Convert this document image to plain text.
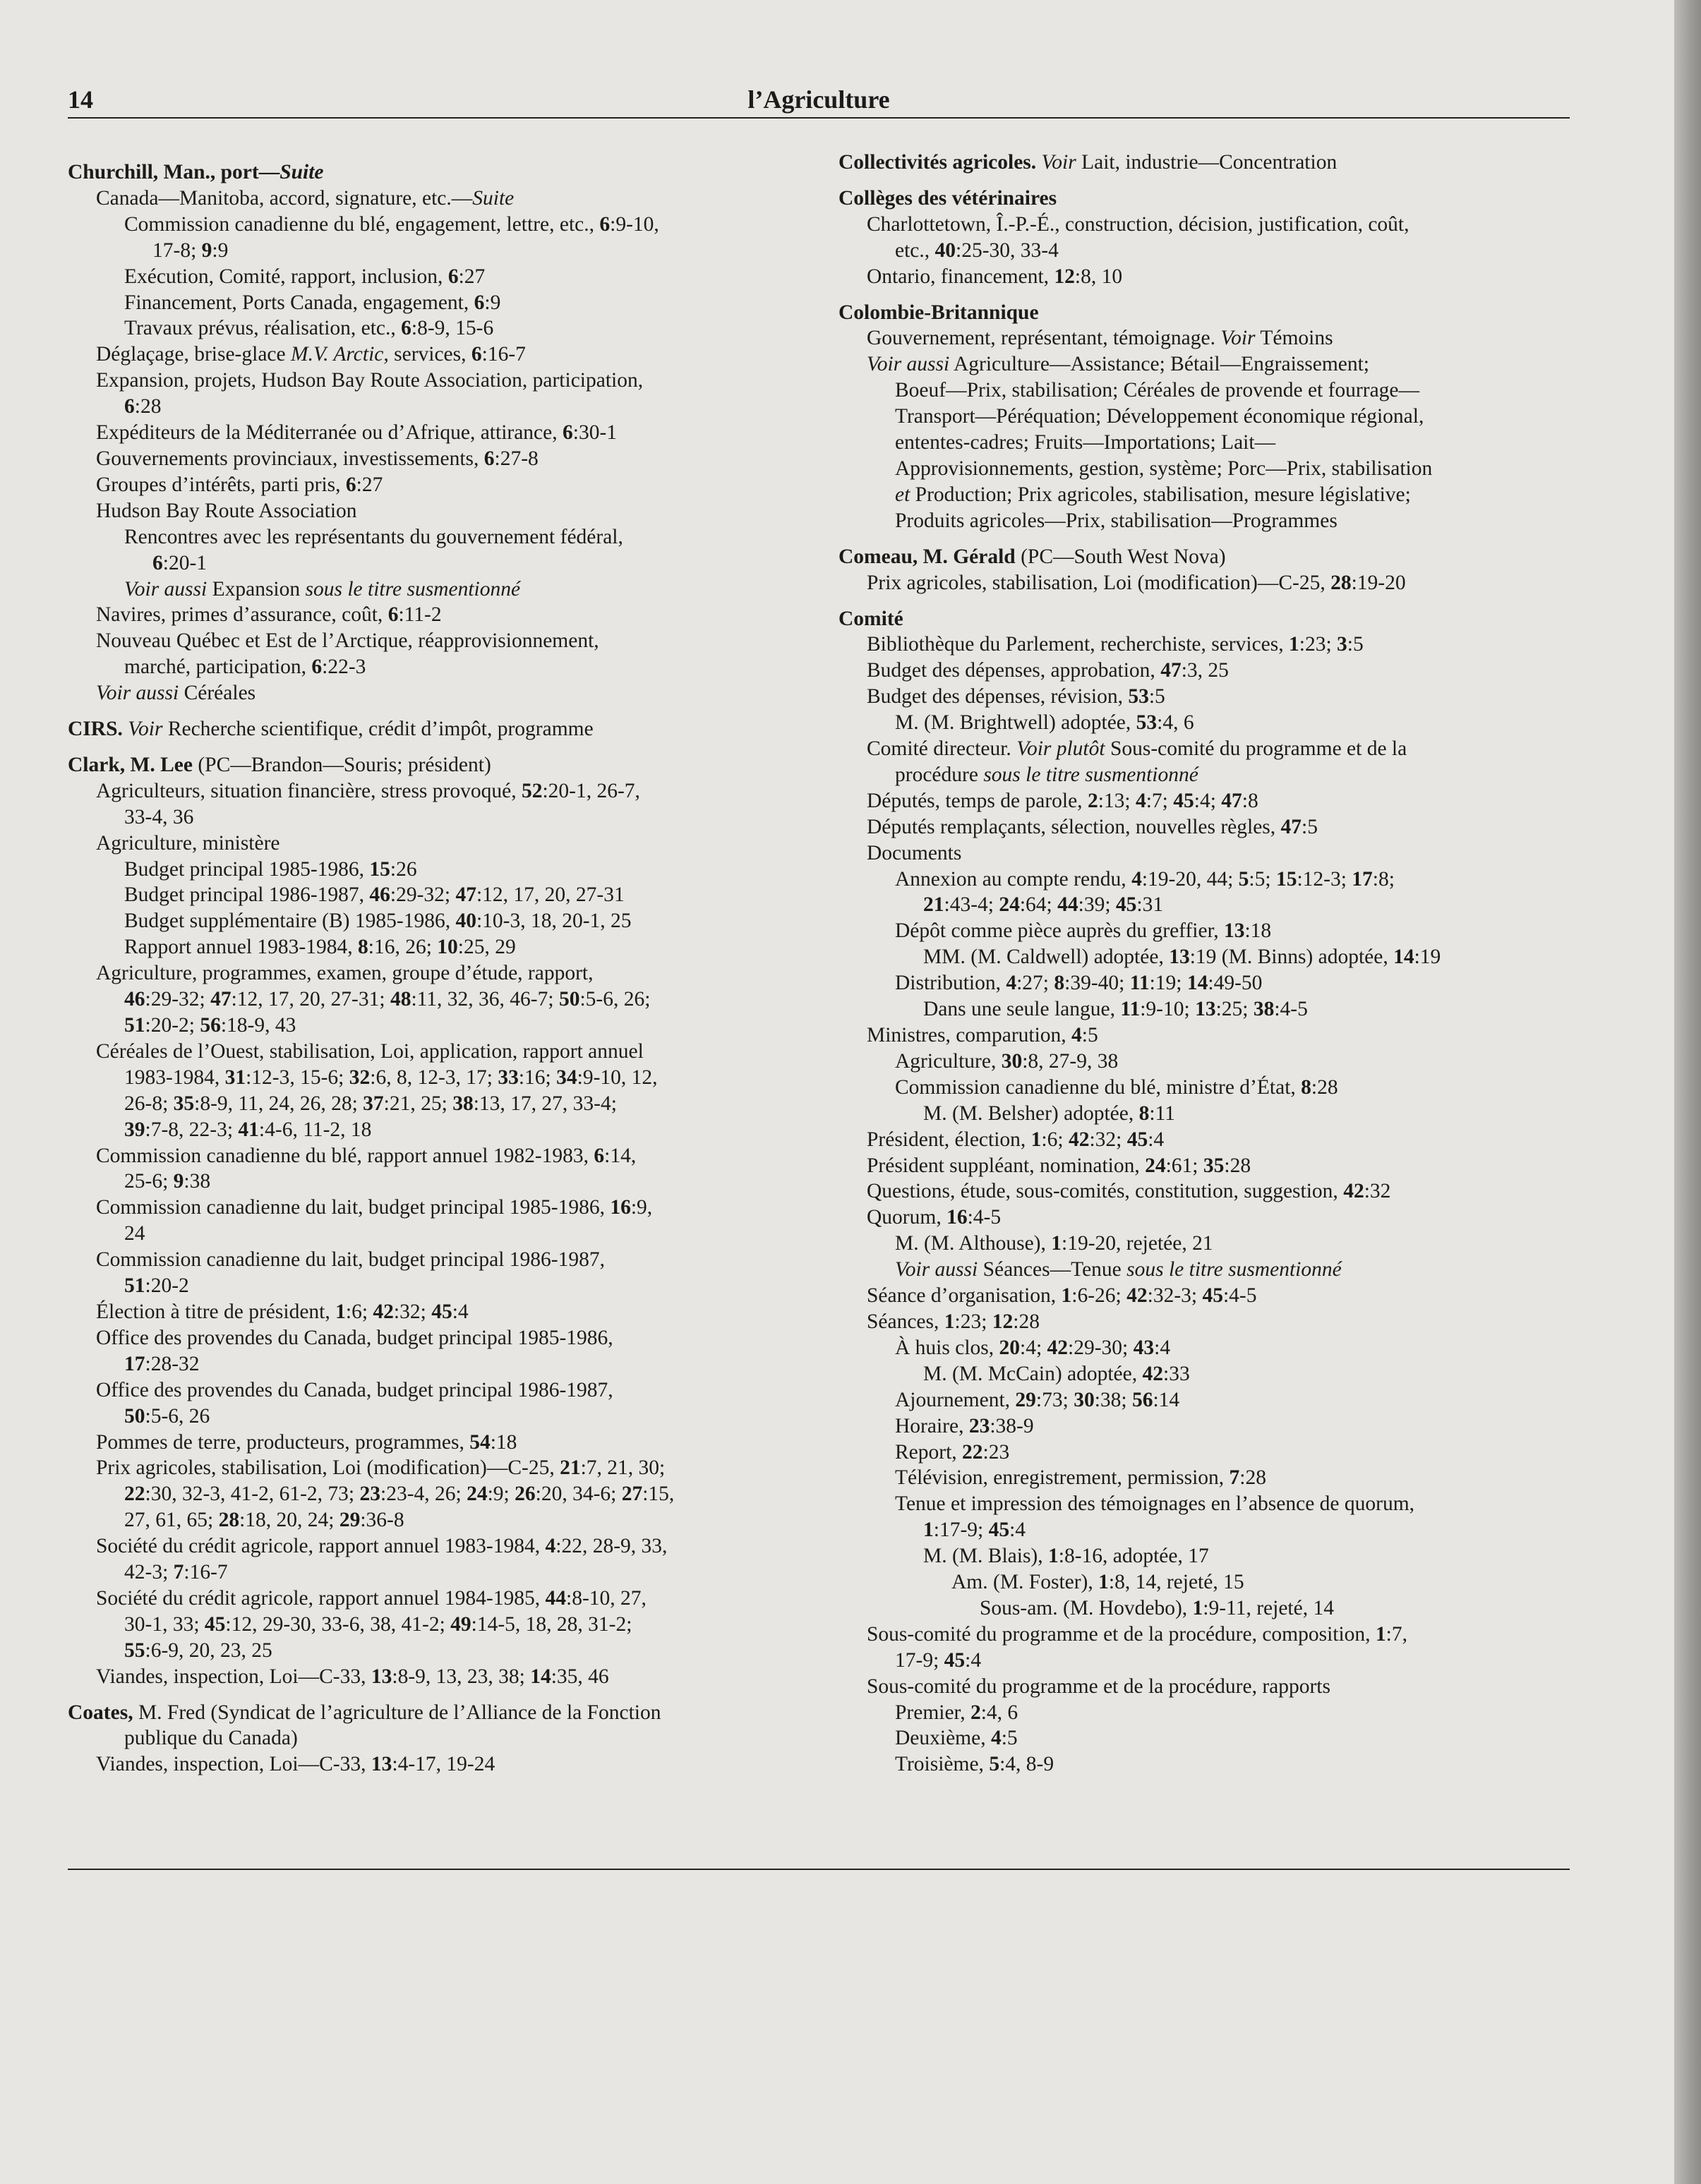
14	l’Agriculture
Churchill, Man., port—Suite
Canada—Manitoba, accord, signature, etc.—Suite
Commission canadienne du blé, engagement, lettre, etc., 6:9-10,
17-8; 9:9
Exécution, Comité, rapport, inclusion, 6:27
Financement, Ports Canada, engagement, 6:9
Travaux prévus, réalisation, etc., 6:8-9, 15-6
Déglaçage, brise-glace M.V. Arctic, services, 6:16-7
Expansion, projets, Hudson Bay Route Association, participation,
6:28
Expéditeurs de la Méditerranée ou d’Afrique, attirance, 6:30-1
Gouvernements provinciaux, investissements, 6:27-8
Groupes d’intérêts, parti pris, 6:27
Hudson Bay Route Association
Rencontres avec les représentants du gouvernement fédéral,
6:20-1
Voir aussi Expansion sous le titre susmentionné
Navires, primes d’assurance, coût, 6:11-2
Nouveau Québec et Est de l’Arctique, réapprovisionnement,
marché, participation, 6:22-3
Voir aussi Céréales
CIRS. Voir Recherche scientifique, crédit d’impôt, programme
Clark, M. Lee (PC—Brandon—Souris; président)
Agriculteurs, situation financière, stress provoqué, 52:20-1, 26-7,
33-4, 36
Agriculture, ministère
Budget principal 1985-1986, 15:26
Budget principal 1986-1987, 46:29-32; 47:12, 17, 20, 27-31
Budget supplémentaire (B) 1985-1986, 40:10-3, 18, 20-1, 25
Rapport annuel 1983-1984, 8:16, 26; 10:25, 29
Agriculture, programmes, examen, groupe d’étude, rapport,
46:29-32; 47:12, 17, 20, 27-31; 48:11, 32, 36, 46-7; 50:5-6, 26;
51:20-2; 56:18-9, 43
Céréales de l’Ouest, stabilisation, Loi, application, rapport annuel
1983-1984, 31:12-3, 15-6; 32:6, 8, 12-3, 17; 33:16; 34:9-10, 12,
26-8; 35:8-9, 11, 24, 26, 28; 37:21, 25; 38:13, 17, 27, 33-4;
39:7-8, 22-3; 41:4-6, 11-2, 18
Commission canadienne du blé, rapport annuel 1982-1983, 6:14,
25-6; 9:38
Commission canadienne du lait, budget principal 1985-1986, 16:9,
24
Commission canadienne du lait, budget principal 1986-1987,
51:20-2
Élection à titre de président, 1:6; 42:32; 45:4
Office des provendes du Canada, budget principal 1985-1986,
17:28-32
Office des provendes du Canada, budget principal 1986-1987,
50:5-6, 26
Pommes de terre, producteurs, programmes, 54:18
Prix agricoles, stabilisation, Loi (modification)—C-25, 21:7, 21, 30;
22:30, 32-3, 41-2, 61-2, 73; 23:23-4, 26; 24:9; 26:20, 34-6; 27:15,
27, 61, 65; 28:18, 20, 24; 29:36-8
Société du crédit agricole, rapport annuel 1983-1984, 4:22, 28-9, 33,
42-3; 7:16-7
Société du crédit agricole, rapport annuel 1984-1985, 44:8-10, 27,
30-1, 33; 45:12, 29-30, 33-6, 38, 41-2; 49:14-5, 18, 28, 31-2;
55:6-9, 20, 23, 25
Viandes, inspection, Loi—C-33, 13:8-9, 13, 23, 38; 14:35, 46
Coates, M. Fred (Syndicat de l’agriculture de l’Alliance de la Fonction
publique du Canada)
Viandes, inspection, Loi—C-33, 13:4-17, 19-24
Collectivités agricoles. Voir Lait, industrie—Concentration
Collèges des vétérinaires
Charlottetown, Î.-P.-É., construction, décision, justification, coût,
etc., 40:25-30, 33-4
Ontario, financement, 12:8, 10
Colombie-Britannique
Gouvernement, représentant, témoignage. Voir Témoins
Voir aussi Agriculture—Assistance; Bétail—Engraissement;
Boeuf—Prix, stabilisation; Céréales de provende et fourrage—
Transport—Péréquation; Développement économique régional,
ententes-cadres; Fruits—Importations; Lait—
Approvisionnements, gestion, système; Porc—Prix, stabilisation
et Production; Prix agricoles, stabilisation, mesure législative;
Produits agricoles—Prix, stabilisation—Programmes
Comeau, M. Gérald (PC—South West Nova)
Prix agricoles, stabilisation, Loi (modification)—C-25, 28:19-20
Comité
Bibliothèque du Parlement, recherchiste, services, 1:23; 3:5
Budget des dépenses, approbation, 47:3, 25
Budget des dépenses, révision, 53:5
M. (M. Brightwell) adoptée, 53:4, 6
Comité directeur. Voir plutôt Sous-comité du programme et de la
procédure sous le titre susmentionné
Députés, temps de parole, 2:13; 4:7; 45:4; 47:8
Députés remplaçants, sélection, nouvelles règles, 47:5
Documents
Annexion au compte rendu, 4:19-20, 44; 5:5; 15:12-3; 17:8;
21:43-4; 24:64; 44:39; 45:31
Dépôt comme pièce auprès du greffier, 13:18
MM. (M. Caldwell) adoptée, 13:19 (M. Binns) adoptée, 14:19
Distribution, 4:27; 8:39-40; 11:19; 14:49-50
Dans une seule langue, 11:9-10; 13:25; 38:4-5
Ministres, comparution, 4:5
Agriculture, 30:8, 27-9, 38
Commission canadienne du blé, ministre d’État, 8:28
M. (M. Belsher) adoptée, 8:11
Président, élection, 1:6; 42:32; 45:4
Président suppléant, nomination, 24:61; 35:28
Questions, étude, sous-comités, constitution, suggestion, 42:32
Quorum, 16:4-5
M. (M. Althouse), 1:19-20, rejetée, 21
Voir aussi Séances—Tenue sous le titre susmentionné
Séance d’organisation, 1:6-26; 42:32-3; 45:4-5
Séances, 1:23; 12:28
À huis clos, 20:4; 42:29-30; 43:4
M. (M. McCain) adoptée, 42:33
Ajournement, 29:73; 30:38; 56:14
Horaire, 23:38-9
Report, 22:23
Télévision, enregistrement, permission, 7:28
Tenue et impression des témoignages en l’absence de quorum,
1:17-9; 45:4
M. (M. Blais), 1:8-16, adoptée, 17
Am. (M. Foster), 1:8, 14, rejeté, 15
Sous-am. (M. Hovdebo), 1:9-11, rejeté, 14
Sous-comité du programme et de la procédure, composition, 1:7,
17-9; 45:4
Sous-comité du programme et de la procédure, rapports
Premier, 2:4, 6
Deuxième, 4:5
Troisième, 5:4, 8-9
